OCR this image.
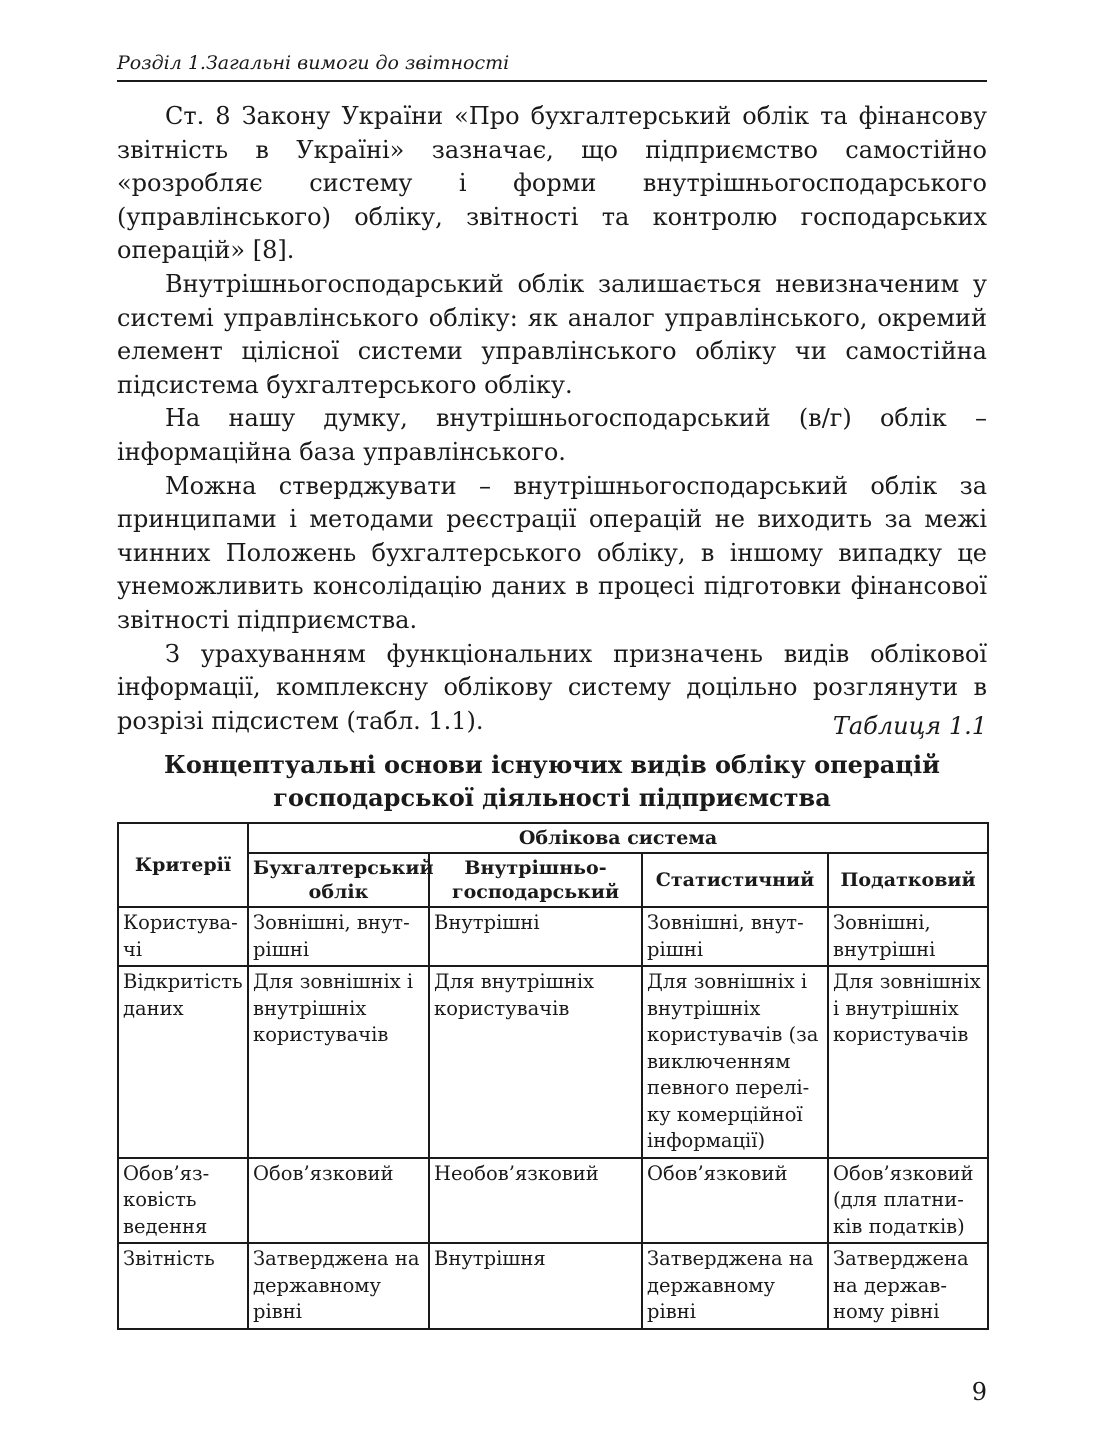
Розділ 1.Загальні вимоги до звітності

Ст. 8 Закону України «Про бухгалтерський облік та фінансову звітність в Україні» зазначає, що підприємство самостійно «розробляє систему і форми внутрішньогосподарського (управлінського) обліку, звітності та контролю господарських операцій» [8].

Внутрішньогосподарський облік залишається невизначеним у системі управлінського обліку: як аналог управлінського, окремий елемент цілісної системи управлінського обліку чи самостійна підсистема бухгалтерського обліку.

На нашу думку, внутрішньогосподарський (в/г) облік – інформаційна база управлінського.

Можна стверджувати – внутрішньогосподарський облік за принципами і методами реєстрації операцій не виходить за межі чинних Положень бухгалтерського обліку, в іншому випадку це унеможливить консолідацію даних в процесі підготовки фінансової звітності підприємства.

З урахуванням функціональних призначень видів облікової інформації, комплексну облікову систему доцільно розглянути в розрізі підсистем (табл. 1.1).	Таблиця 1.1
Концептуальні основи існуючих видів обліку операцій
господарської діяльності підприємства
Критерії	Облікова система			
	Бухгалтерський облік	Внутрішньо-господарський	Статистичний	Податковий
Користува-чі	Зовнішні, внут-рішні	Внутрішні	Зовнішні, внут-рішні	Зовнішні, внутрішні
Відкритість даних	Для зовнішніх і внутрішніх користувачів	Для внутрішніх користувачів	Для зовнішніх і внутрішніх користувачів (за виключенням певного перелі-ку комерційної інформації)	Для зовнішніх і внутрішніх користувачів
Обов’яз-ковість ведення	Обов’язковий	Необов’язковий	Обов’язковий	Обов’язковий (для платни-ків податків)
Звітність	Затверджена на державному рівні	Внутрішня	Затверджена на державному рівні	Затверджена на держав-ному рівні
9
